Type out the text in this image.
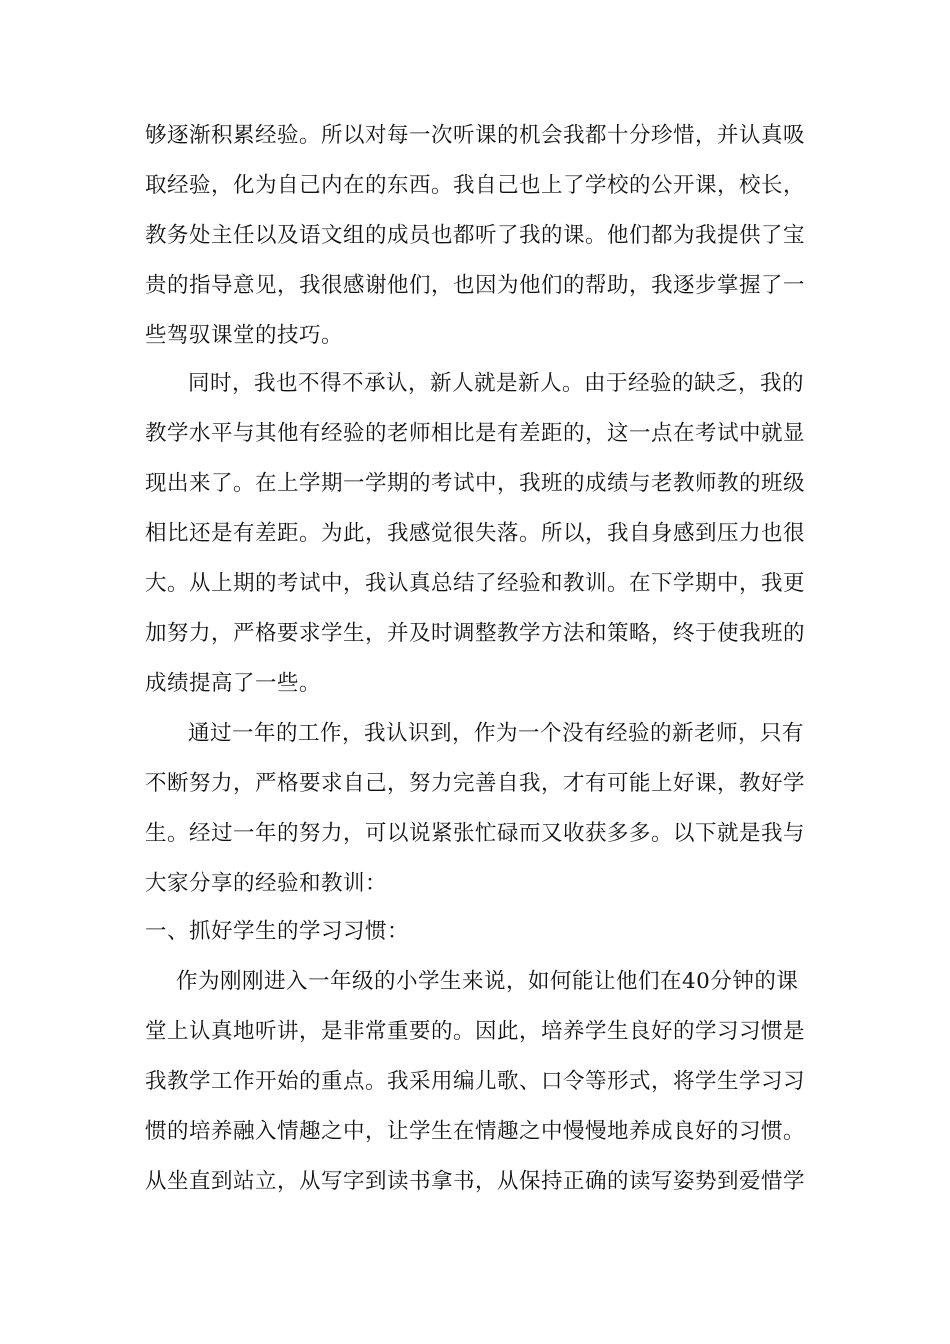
够逐渐积累经验。所以对每一次听课的机会我都十分珍惜，并认真吸
取经验，化为自己内在的东西。我自己也上了学校的公开课，校长，
教务处主任以及语文组的成员也都听了我的课。他们都为我提供了宝
贵的指导意见，我很感谢他们，也因为他们的帮助，我逐步掌握了一
些驾驭课堂的技巧。
同时，我也不得不承认，新人就是新人。由于经验的缺乏，我的
教学水平与其他有经验的老师相比是有差距的，这一点在考试中就显
现出来了。在上学期一学期的考试中，我班的成绩与老教师教的班级
相比还是有差距。为此，我感觉很失落。所以，我自身感到压力也很
大。从上期的考试中，我认真总结了经验和教训。在下学期中，我更
加努力，严格要求学生，并及时调整教学方法和策略，终于使我班的
成绩提高了一些。
通过一年的工作，我认识到，作为一个没有经验的新老师，只有
不断努力，严格要求自己，努力完善自我，才有可能上好课，教好学
生。经过一年的努力，可以说紧张忙碌而又收获多多。以下就是我与
大家分享的经验和教训：
一、抓好学生的学习习惯：
作为刚刚进入一年级的小学生来说，如何能让他们在40分钟的课
堂上认真地听讲，是非常重要的。因此，培养学生良好的学习习惯是
我教学工作开始的重点。我采用编儿歌、口令等形式，将学生学习习
惯的培养融入情趣之中，让学生在情趣之中慢慢地养成良好的习惯。
从坐直到站立，从写字到读书拿书，从保持正确的读写姿势到爱惜学
